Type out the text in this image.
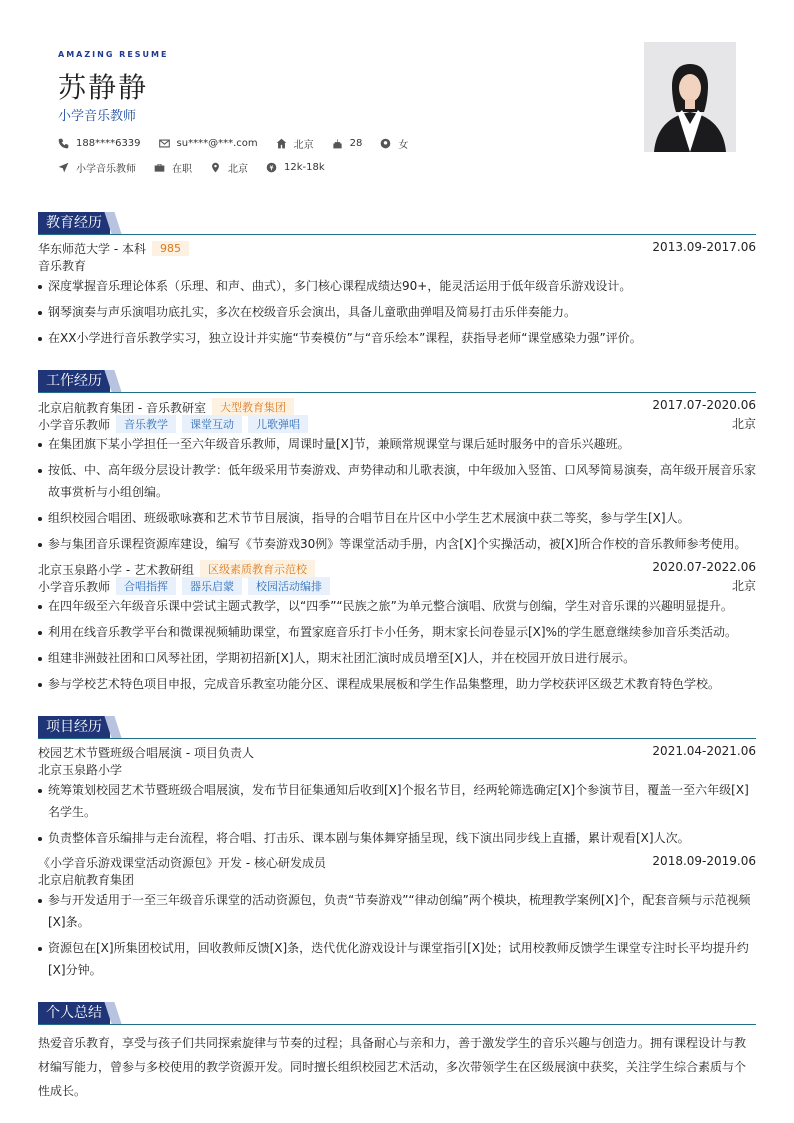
AMAZING RESUME
苏静静
小学音乐教师
188****6339	su****@***.com	北京	28	女
小学音乐教师	在职	北京	12k-18k
教育经历
华东师范大学 - 本科	985	2013.09-2017.06
音乐教育
深度掌握音乐理论体系（乐理、和声、曲式），多门核心课程成绩达90+，能灵活运用于低年级音乐游戏设计。
钢琴演奏与声乐演唱功底扎实，多次在校级音乐会演出，具备儿童歌曲弹唱及简易打击乐伴奏能力。
在XX小学进行音乐教学实习，独立设计并实施“节奏模仿”与“音乐绘本”课程，获指导老师“课堂感染力强”评价。
工作经历
北京启航教育集团 - 音乐教研室	大型教育集团	2017.07-2020.06
小学音乐教师	音乐教学	课堂互动	儿歌弹唱	北京
在集团旗下某小学担任一至六年级音乐教师，周课时量[X]节，兼顾常规课堂与课后延时服务中的音乐兴趣班。
按低、中、高年级分层设计教学：低年级采用节奏游戏、声势律动和儿歌表演，中年级加入竖笛、口风琴简易演奏，高年级开展音乐家故事赏析与小组创编。
组织校园合唱团、班级歌咏赛和艺术节节目展演，指导的合唱节目在片区中小学生艺术展演中获二等奖，参与学生[X]人。
参与集团音乐课程资源库建设，编写《节奏游戏30例》等课堂活动手册，内含[X]个实操活动，被[X]所合作校的音乐教师参考使用。
北京玉泉路小学 - 艺术教研组	区级素质教育示范校	2020.07-2022.06
小学音乐教师	合唱指挥	器乐启蒙	校园活动编排	北京
在四年级至六年级音乐课中尝试主题式教学，以“四季”“民族之旅”为单元整合演唱、欣赏与创编，学生对音乐课的兴趣明显提升。
利用在线音乐教学平台和微课视频辅助课堂，布置家庭音乐打卡小任务，期末家长问卷显示[X]%的学生愿意继续参加音乐类活动。
组建非洲鼓社团和口风琴社团，学期初招新[X]人，期末社团汇演时成员增至[X]人，并在校园开放日进行展示。
参与学校艺术特色项目申报，完成音乐教室功能分区、课程成果展板和学生作品集整理，助力学校获评区级艺术教育特色学校。
项目经历
校园艺术节暨班级合唱展演 - 项目负责人	2021.04-2021.06
北京玉泉路小学
统筹策划校园艺术节暨班级合唱展演，发布节目征集通知后收到[X]个报名节目，经两轮筛选确定[X]个参演节目，覆盖一至六年级[X]名学生。
负责整体音乐编排与走台流程，将合唱、打击乐、课本剧与集体舞穿插呈现，线下演出同步线上直播，累计观看[X]人次。
《小学音乐游戏课堂活动资源包》开发 - 核心研发成员	2018.09-2019.06
北京启航教育集团
参与开发适用于一至三年级音乐课堂的活动资源包，负责“节奏游戏”“律动创编”两个模块，梳理教学案例[X]个，配套音频与示范视频[X]条。
资源包在[X]所集团校试用，回收教师反馈[X]条，迭代优化游戏设计与课堂指引[X]处；试用校教师反馈学生课堂专注时长平均提升约[X]分钟。
个人总结
热爱音乐教育，享受与孩子们共同探索旋律与节奏的过程；具备耐心与亲和力，善于激发学生的音乐兴趣与创造力。拥有课程设计与教材编写能力，曾参与多校使用的教学资源开发。同时擅长组织校园艺术活动，多次带领学生在区级展演中获奖，关注学生综合素质与个性成长。
